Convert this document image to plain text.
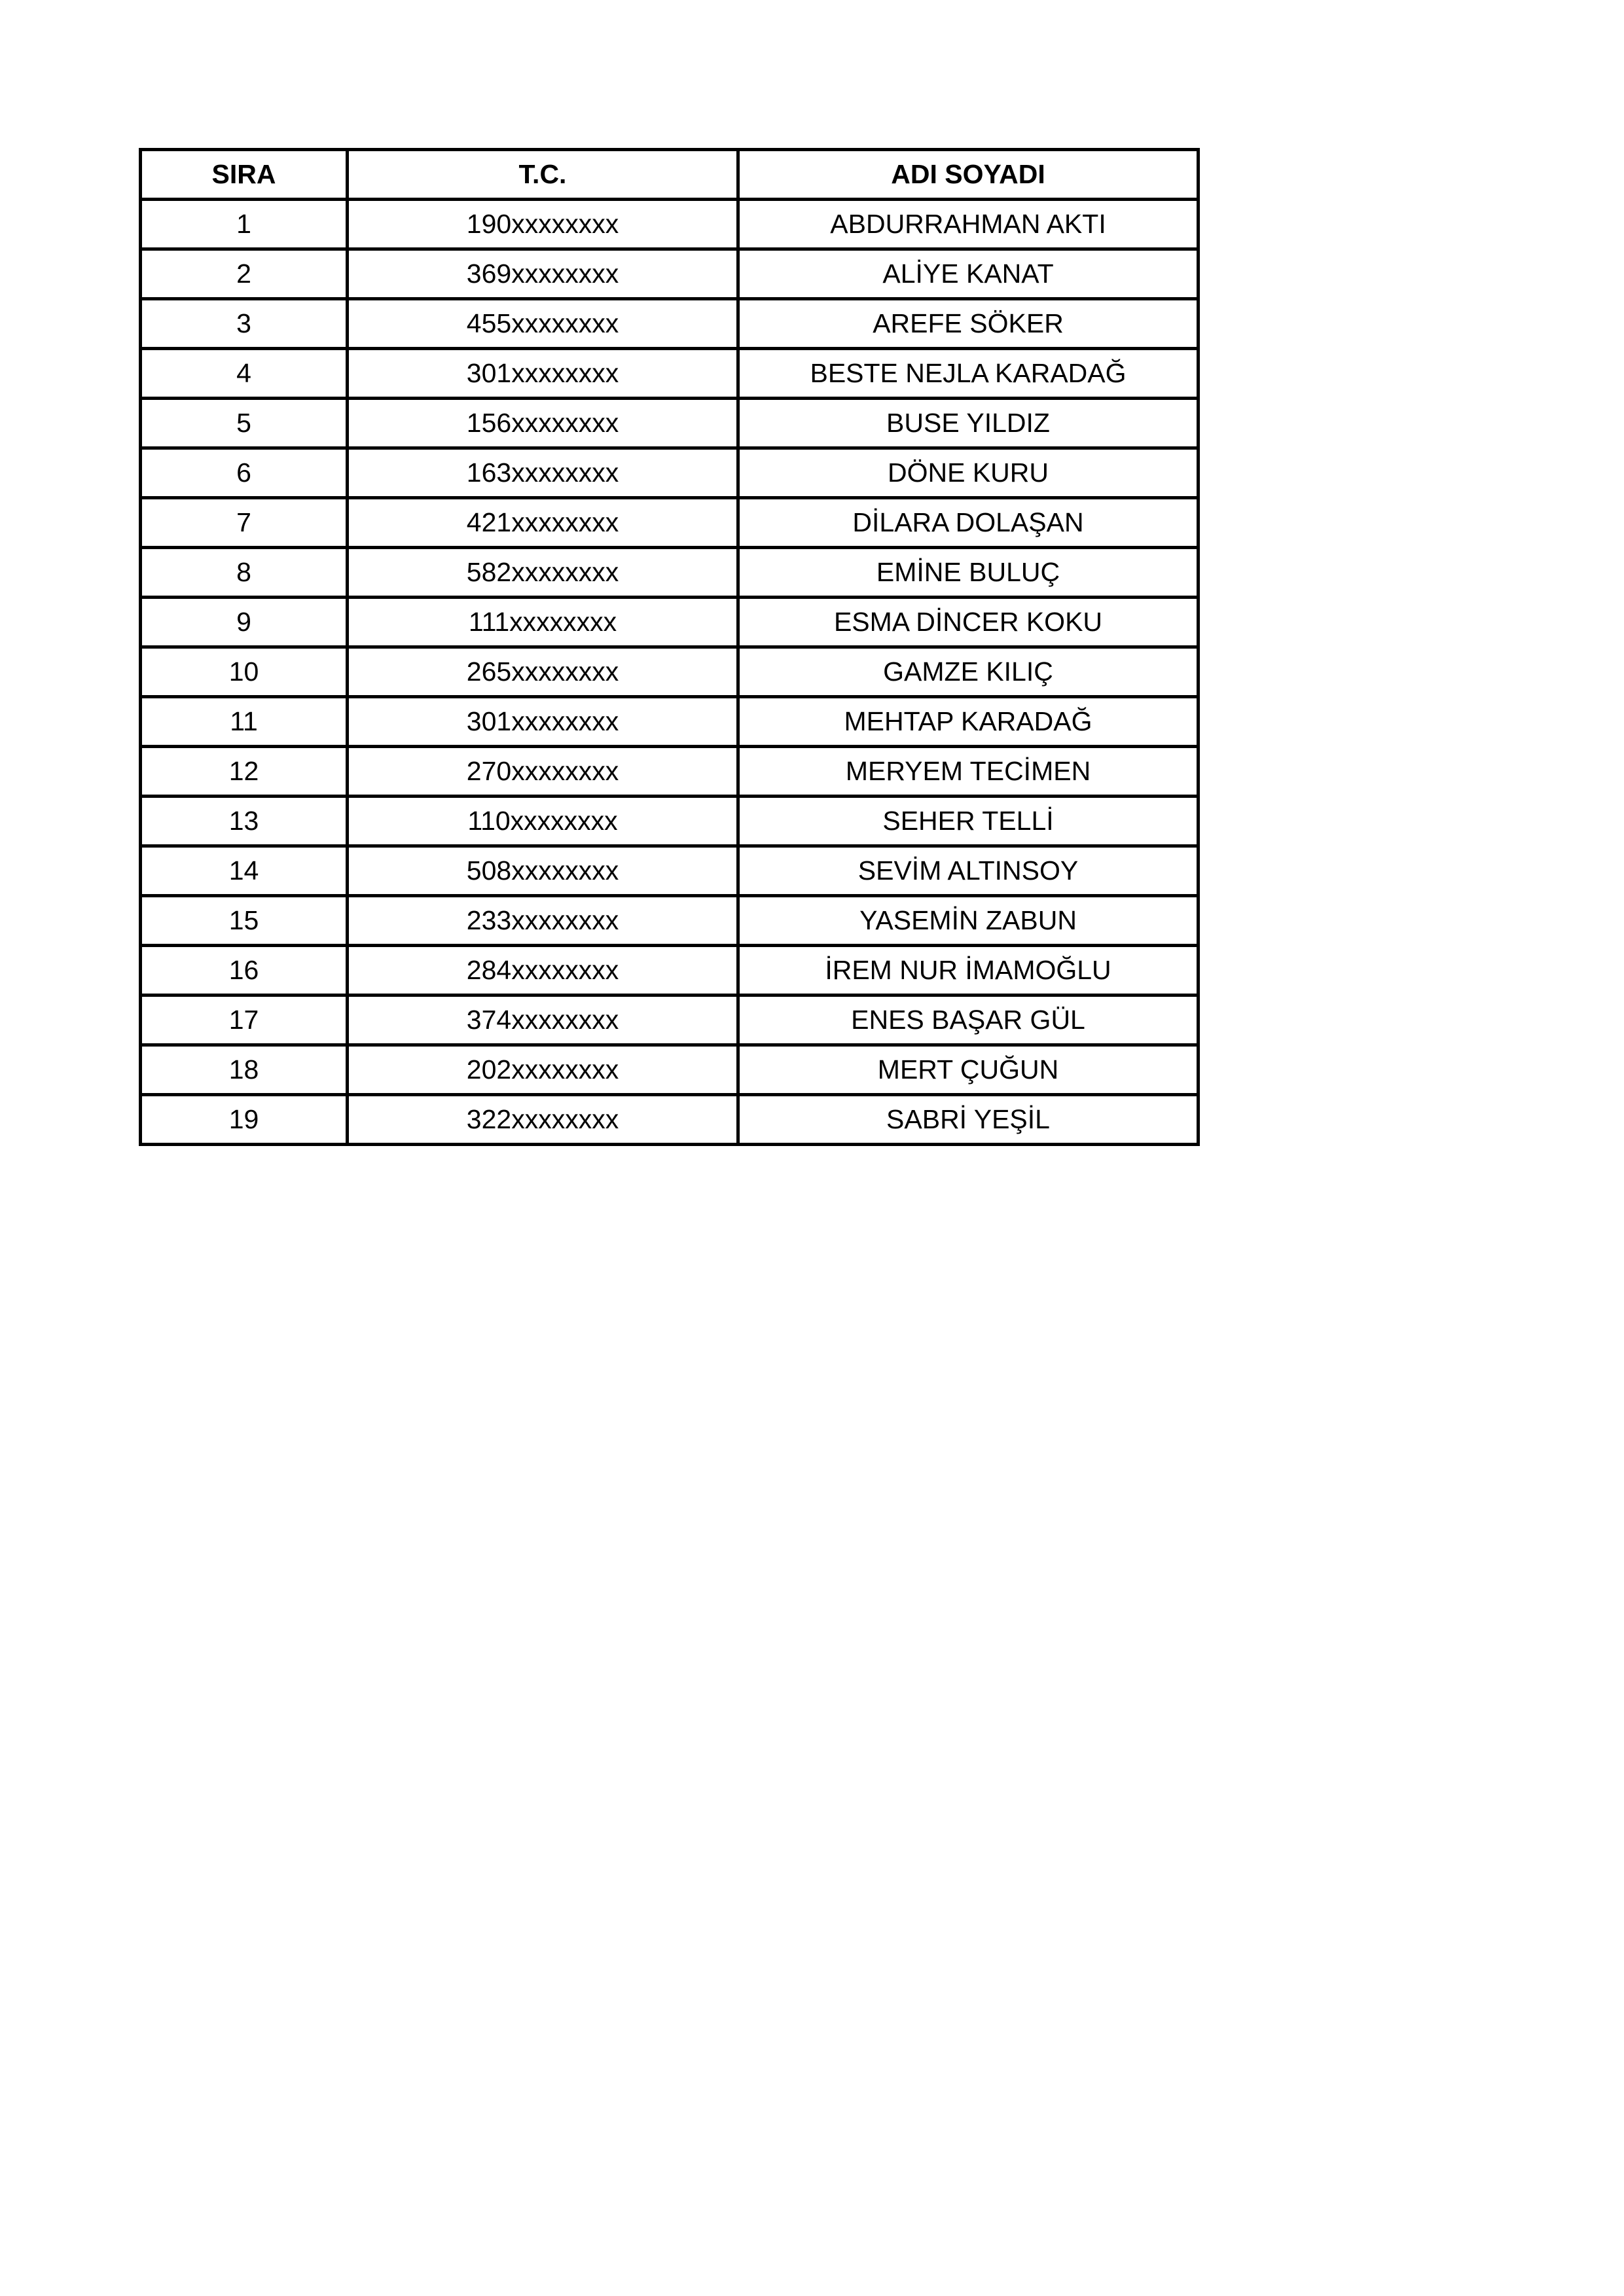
SIRA	T.C.	ADI SOYADI
1	190xxxxxxxx	ABDURRAHMAN AKTI
2	369xxxxxxxx	ALİYE KANAT
3	455xxxxxxxx	AREFE SÖKER
4	301xxxxxxxx	BESTE NEJLA KARADAĞ
5	156xxxxxxxx	BUSE YILDIZ
6	163xxxxxxxx	DÖNE KURU
7	421xxxxxxxx	DİLARA DOLAŞAN
8	582xxxxxxxx	EMİNE BULUÇ
9	111xxxxxxxx	ESMA DİNCER KOKU
10	265xxxxxxxx	GAMZE KILIÇ
11	301xxxxxxxx	MEHTAP KARADAĞ
12	270xxxxxxxx	MERYEM TECİMEN
13	110xxxxxxxx	SEHER TELLİ
14	508xxxxxxxx	SEVİM ALTINSOY
15	233xxxxxxxx	YASEMİN ZABUN
16	284xxxxxxxx	İREM NUR İMAMOĞLU
17	374xxxxxxxx	ENES BAŞAR GÜL
18	202xxxxxxxx	MERT ÇUĞUN
19	322xxxxxxxx	SABRİ YEŞİL
